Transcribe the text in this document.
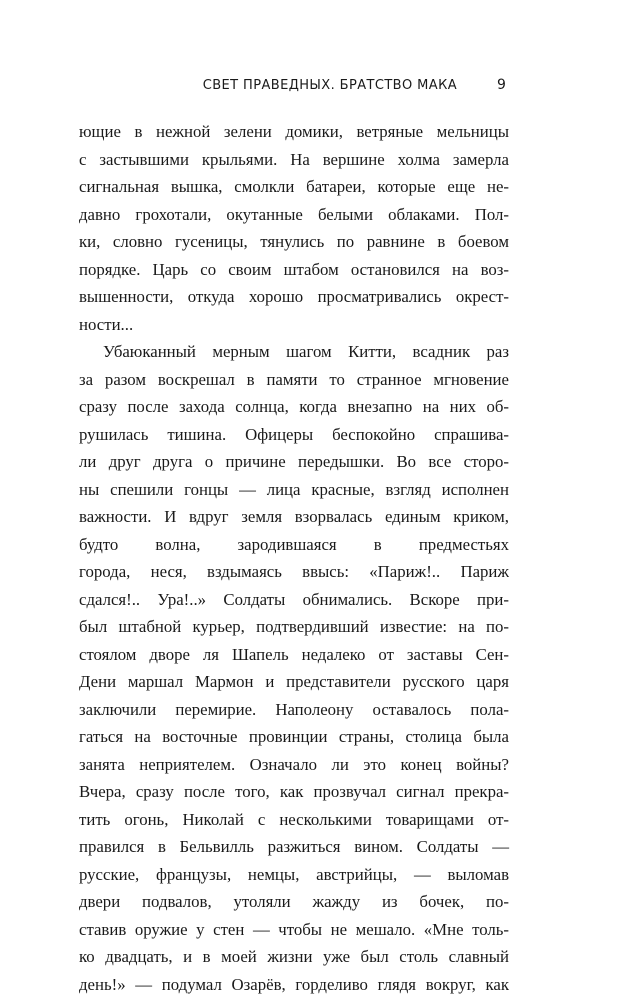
СВЕТ ПРАВЕДНЫХ. БРАТСТВО МАКА	9
ющие в нежной зелени домики, ветряные мельницы
с застывшими крыльями. На вершине холма замерла
сигнальная вышка, смолкли батареи, которые еще не-
давно грохотали, окутанные белыми облаками. Пол-
ки, словно гусеницы, тянулись по равнине в боевом
порядке. Царь со своим штабом остановился на воз-
вышенности, откуда хорошо просматривались окрест-
ности...
Убаюканный мерным шагом Китти, всадник раз
за разом воскрешал в памяти то странное мгновение
сразу после захода солнца, когда внезапно на них об-
рушилась тишина. Офицеры беспокойно спрашива-
ли друг друга о причине передышки. Во все сторо-
ны спешили гонцы — лица красные, взгляд исполнен
важности. И вдруг земля взорвалась единым криком,
будто волна, зародившаяся в предместьях
города, неся, вздымаясь ввысь: «Париж!.. Париж
сдался!.. Ура!..» Солдаты обнимались. Вскоре при-
был штабной курьер, подтвердивший известие: на по-
стоялом дворе ля Шапель недалеко от заставы Сен-
Дени маршал Мармон и представители русского царя
заключили перемирие. Наполеону оставалось пола-
гаться на восточные провинции страны, столица была
занята неприятелем. Означало ли это конец войны?
Вчера, сразу после того, как прозвучал сигнал прекра-
тить огонь, Николай с несколькими товарищами от-
правился в Бельвилль разжиться вином. Солдаты —
русские, французы, немцы, австрийцы, — выломав
двери подвалов, утоляли жажду из бочек, по-
ставив оружие у стен — чтобы не мешало. «Мне толь-
ко двадцать, и в моей жизни уже был столь славный
день!» — подумал Озарёв, горделиво глядя вокруг, как
